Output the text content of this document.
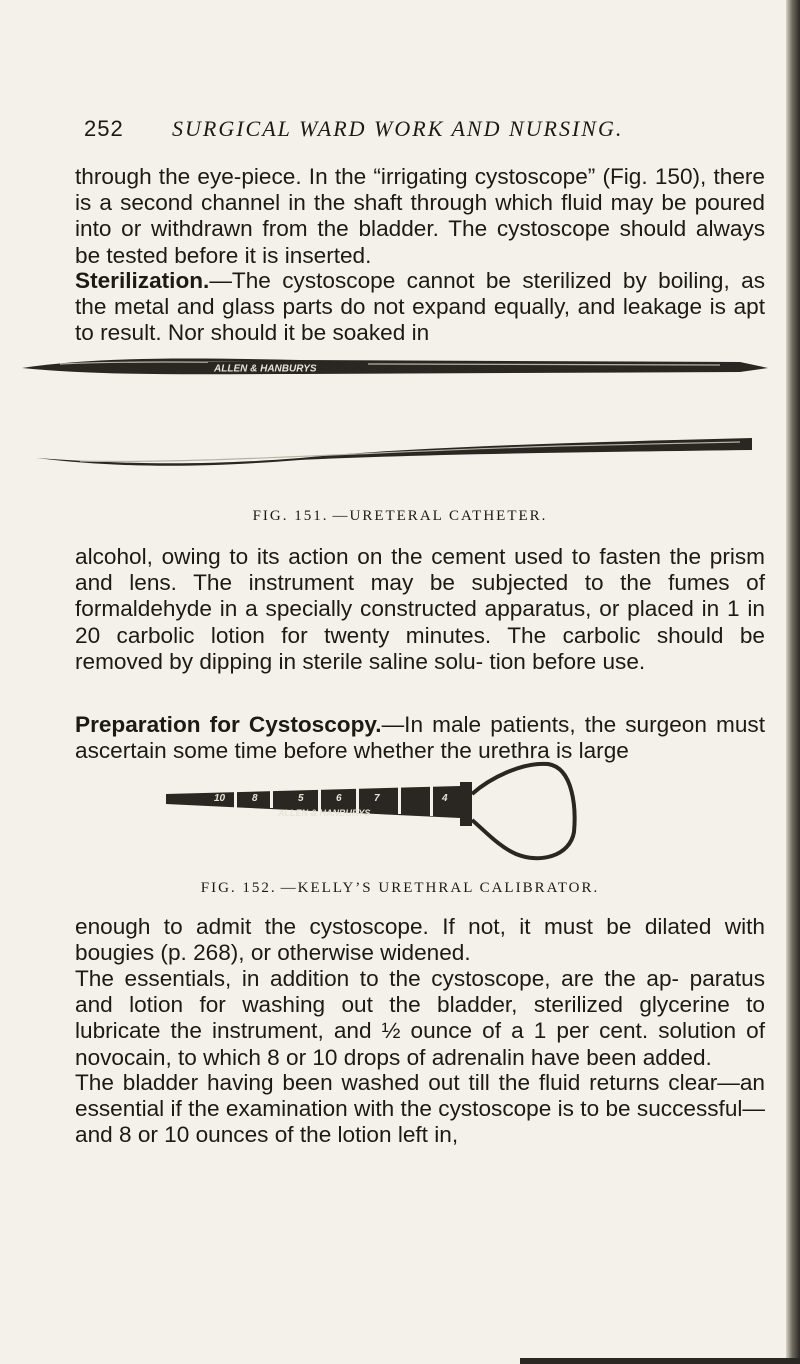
252 SURGICAL WARD WORK AND NURSING.

through the eye-piece. In the “irrigating cystoscope” (Fig. 150), there is a second channel in the shaft through which fluid may be poured into or withdrawn from the bladder. The cystoscope should always be tested before it is inserted.

Sterilization.—The cystoscope cannot be sterilized by boiling, as the metal and glass parts do not expand equally, and leakage is apt to result. Nor should it be soaked in

ALLEN & HANBURYS
FIG. 151. —URETERAL CATHETER.

alcohol, owing to its action on the cement used to fasten the prism and lens. The instrument may be subjected to the fumes of formaldehyde in a specially constructed apparatus, or placed in 1 in 20 carbolic lotion for twenty minutes. The carbolic should be removed by dipping in sterile saline solu- tion before use.

Preparation for Cystoscopy.—In male patients, the surgeon must ascertain some time before whether the urethra is large

10	8	5	6	7	4
ALLEN & HANBURYS
FIG. 152. —KELLY’S URETHRAL CALIBRATOR.

enough to admit the cystoscope. If not, it must be dilated with bougies (p. 268), or otherwise widened.

The essentials, in addition to the cystoscope, are the ap- paratus and lotion for washing out the bladder, sterilized glycerine to lubricate the instrument, and ½ ounce of a 1 per cent. solution of novocain, to which 8 or 10 drops of adrenalin have been added.

The bladder having been washed out till the fluid returns clear—an essential if the examination with the cystoscope is to be successful—and 8 or 10 ounces of the lotion left in,
